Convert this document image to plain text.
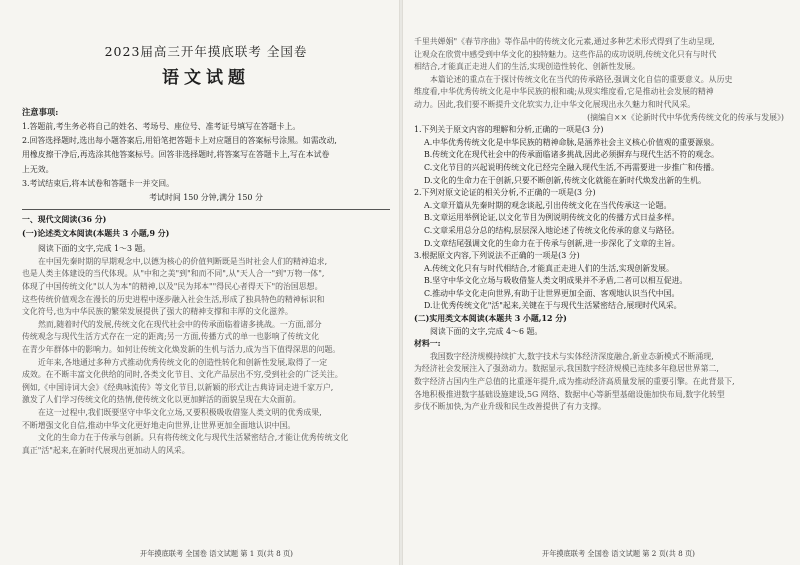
2023届高三开年摸底联考 全国卷
语文试题
注意事项:
1.答题前,考生务必将自己的姓名、考场号、座位号、准考证号填写在答题卡上。
2.回答选择题时,选出每小题答案后,用铅笔把答题卡上对应题目的答案标号涂黑。如需改动,
用橡皮擦干净后,再选涂其他答案标号。回答非选择题时,将答案写在答题卡上,写在本试卷
上无效。
3.考试结束后,将本试卷和答题卡一并交回。
考试时间 150 分钟,满分 150 分
一、现代文阅读(36 分)
(一)论述类文本阅读(本题共 3 小题,9 分)
阅读下面的文字,完成 1～3 题。
在中国先秦时期的早期观念中,以德为核心的价值判断既是当时社会人们的精神追求,
也是人类主体建设的当代体现。从"中和之美"到"和而不同",从"天人合一"到"万物一体",
体现了中国传统文化"以人为本"的精神,以及"民为邦本""得民心者得天下"的治国思想。
这些传统价值观念在漫长的历史进程中逐步融入社会生活,形成了独具特色的精神标识和
文化符号,也为中华民族的繁荣发展提供了强大的精神支撑和丰厚的文化滋养。
然而,随着时代的发展,传统文化在现代社会中的传承面临着诸多挑战。一方面,部分
传统观念与现代生活方式存在一定的距离;另一方面,传播方式的单一也影响了传统文化
在青少年群体中的影响力。如何让传统文化焕发新的生机与活力,成为当下值得深思的问题。
近年来,各地通过多种方式推动优秀传统文化的创造性转化和创新性发展,取得了一定
成效。在不断丰富文化供给的同时,各类文化节目、文化产品层出不穷,受到社会的广泛关注。
例如,《中国诗词大会》《经典咏流传》等文化节目,以新颖的形式让古典诗词走进千家万户,
激发了人们学习传统文化的热情,使传统文化以更加鲜活的面貌呈现在大众面前。
在这一过程中,我们既要坚守中华文化立场,又要积极吸收借鉴人类文明的优秀成果,
不断增强文化自信,推动中华文化更好地走向世界,让世界更加全面地认识中国。
文化的生命力在于传承与创新。只有将传统文化与现代生活紧密结合,才能让优秀传统文化
真正"活"起来,在新时代展现出更加动人的风采。
开年摸底联考 全国卷 语文试题 第 1 页(共 8 页)
千里共婵娟"《春节序曲》等作品中的传统文化元素,通过多种艺术形式得到了生动呈现,
让观众在欣赏中感受到中华文化的独特魅力。这些作品的成功说明,传统文化只有与时代
相结合,才能真正走进人们的生活,实现创造性转化、创新性发展。
本篇论述的重点在于探讨传统文化在当代的传承路径,强调文化自信的重要意义。从历史
维度看,中华优秀传统文化是中华民族的根和魂;从现实维度看,它是推动社会发展的精神
动力。因此,我们要不断提升文化软实力,让中华文化展现出永久魅力和时代风采。
(摘编自××《论新时代中华优秀传统文化的传承与发展》)
1.下列关于原文内容的理解和分析,正确的一项是(3 分)
A.中华优秀传统文化是中华民族的精神命脉,是涵养社会主义核心价值观的重要源泉。
B.传统文化在现代社会中的传承面临诸多挑战,因此必须摒弃与现代生活不符的观念。
C.文化节目的兴起说明传统文化已经完全融入现代生活,不再需要进一步推广和传播。
D.文化的生命力在于创新,只要不断创新,传统文化就能在新时代焕发出新的生机。
2.下列对原文论证的相关分析,不正确的一项是(3 分)
A.文章开篇从先秦时期的观念谈起,引出传统文化在当代传承这一论题。
B.文章运用举例论证,以文化节目为例说明传统文化的传播方式日益多样。
C.文章采用总分总的结构,层层深入地论述了传统文化传承的意义与路径。
D.文章结尾强调文化的生命力在于传承与创新,进一步深化了文章的主旨。
3.根据原文内容,下列说法不正确的一项是(3 分)
A.传统文化只有与时代相结合,才能真正走进人们的生活,实现创新发展。
B.坚守中华文化立场与吸收借鉴人类文明成果并不矛盾,二者可以相互促进。
C.推动中华文化走向世界,有助于让世界更加全面、客观地认识当代中国。
D.让优秀传统文化"活"起来,关键在于与现代生活紧密结合,展现时代风采。
(二)实用类文本阅读(本题共 3 小题,12 分)
阅读下面的文字,完成 4～6 题。
材料一:
我国数字经济规模持续扩大,数字技术与实体经济深度融合,新业态新模式不断涌现,
为经济社会发展注入了强劲动力。数据显示,我国数字经济规模已连续多年稳居世界第二,
数字经济占国内生产总值的比重逐年提升,成为推动经济高质量发展的重要引擎。在此背景下,
各地积极推进数字基础设施建设,5G 网络、数据中心等新型基础设施加快布局,数字化转型
步伐不断加快,为产业升级和民生改善提供了有力支撑。
开年摸底联考 全国卷 语文试题 第 2 页(共 8 页)
